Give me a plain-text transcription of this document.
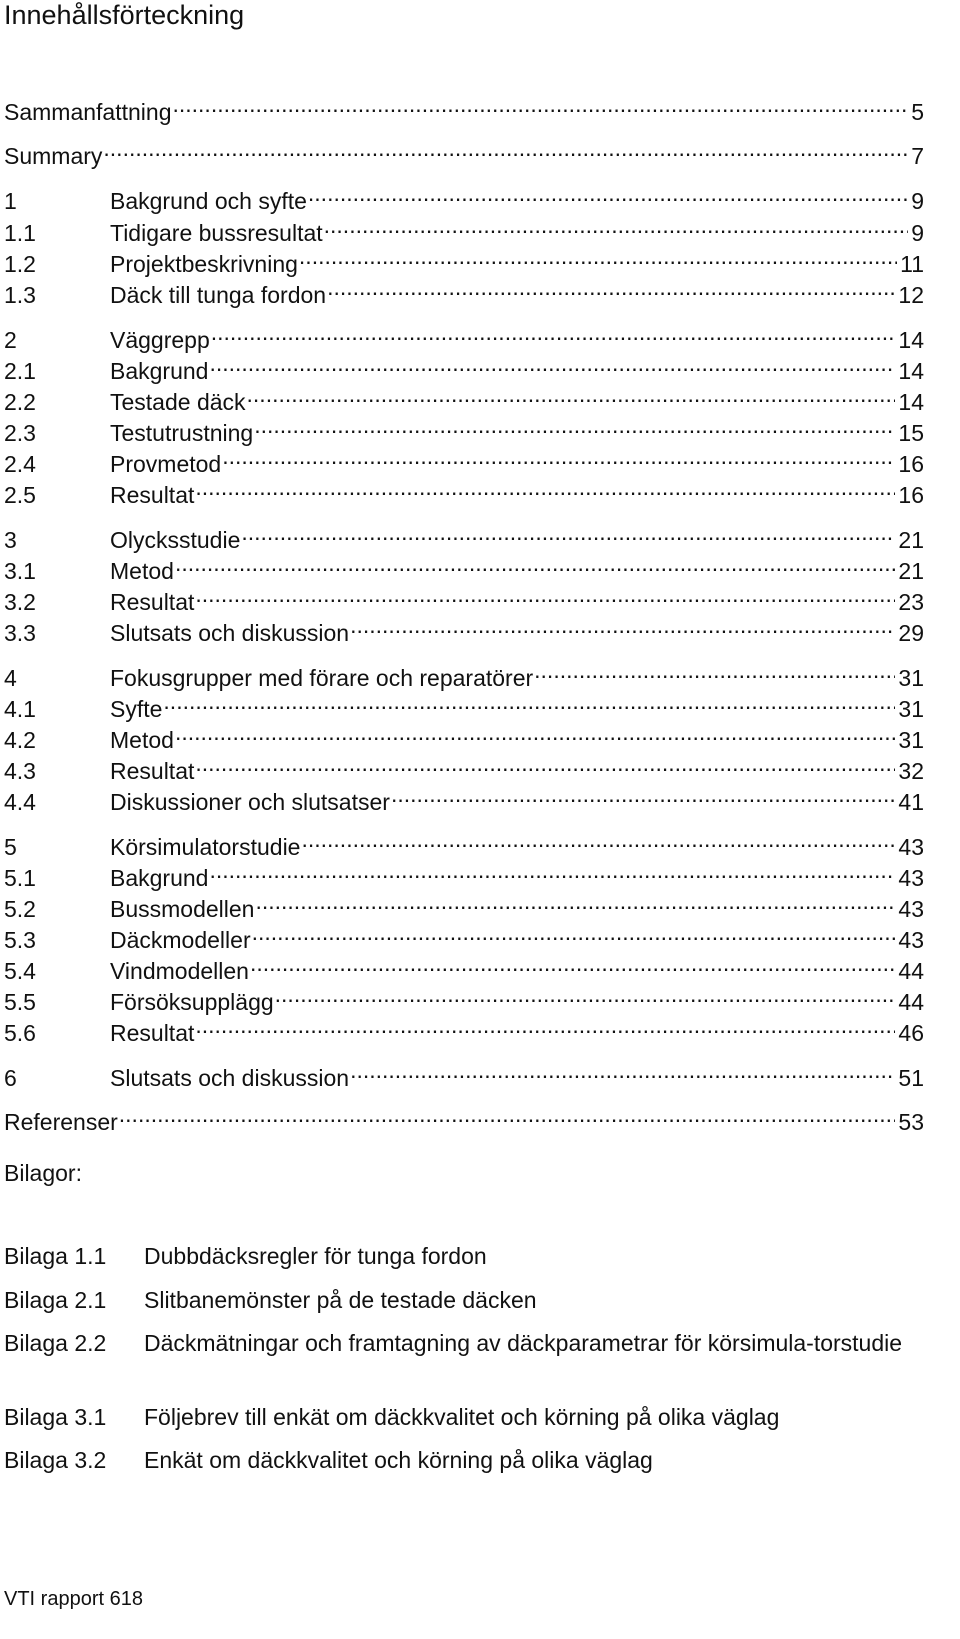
Innehållsförteckning
Sammanfattning .....	5
Summary .....	7
1	Bakgrund och syfte .....	9
1.1	Tidigare bussresultat .....	9
1.2	Projektbeskrivning .....	11
1.3	Däck till tunga fordon .....	12
2	Väggrepp .....	14
2.1	Bakgrund .....	14
2.2	Testade däck .....	14
2.3	Testutrustning .....	15
2.4	Provmetod .....	16
2.5	Resultat .....	16
3	Olycksstudie .....	21
3.1	Metod .....	21
3.2	Resultat .....	23
3.3	Slutsats och diskussion .....	29
4	Fokusgrupper med förare och reparatörer .....	31
4.1	Syfte .....	31
4.2	Metod .....	31
4.3	Resultat .....	32
4.4	Diskussioner och slutsatser .....	41
5	Körsimulatorstudie .....	43
5.1	Bakgrund .....	43
5.2	Bussmodellen .....	43
5.3	Däckmodeller .....	43
5.4	Vindmodellen .....	44
5.5	Försöksupplägg .....	44
5.6	Resultat .....	46
6	Slutsats och diskussion .....	51
Referenser .....	53
Bilagor:
Bilaga 1.1	Dubbdäcksregler för tunga fordon
Bilaga 2.1	Slitbanemönster på de testade däcken
Bilaga 2.2	Däckmätningar och framtagning av däckparametrar för körsimula-torstudie
Bilaga 3.1	Följebrev till enkät om däckkvalitet och körning på olika väglag
Bilaga 3.2	Enkät om däckkvalitet och körning på olika väglag
VTI rapport 618
